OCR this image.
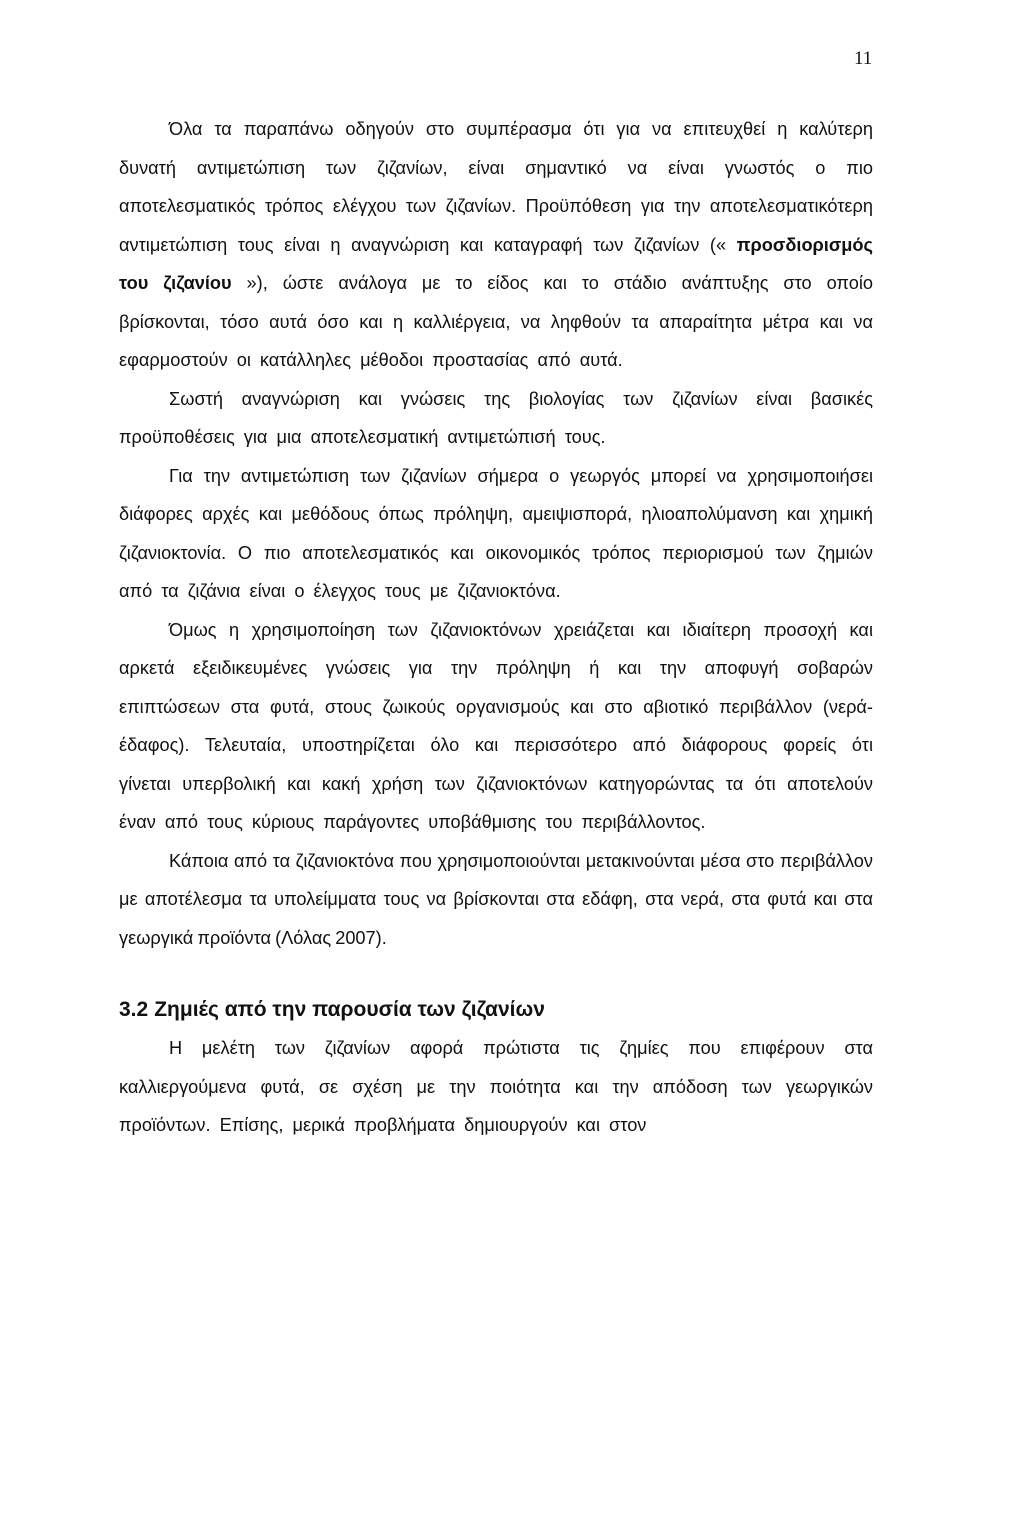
11

Όλα τα παραπάνω οδηγούν στο συμπέρασμα ότι για να επιτευχθεί η καλύτερη δυνατή αντιμετώπιση των ζιζανίων, είναι σημαντικό να είναι γνωστός ο πιο αποτελεσματικός τρόπος ελέγχου των ζιζανίων. Προϋπόθεση για την αποτελεσματικότερη αντιμετώπιση τους είναι η αναγνώριση και καταγραφή των ζιζανίων (« προσδιορισμός του ζιζανίου »), ώστε ανάλογα με το είδος και το στάδιο ανάπτυξης στο οποίο βρίσκονται, τόσο αυτά όσο και η καλλιέργεια, να ληφθούν τα απαραίτητα μέτρα και να εφαρμοστούν οι κατάλληλες μέθοδοι προστασίας από αυτά.

Σωστή αναγνώριση και γνώσεις της βιολογίας των ζιζανίων είναι βασικές προϋποθέσεις για μια αποτελεσματική αντιμετώπισή τους.

Για την αντιμετώπιση των ζιζανίων σήμερα ο γεωργός μπορεί να χρησιμοποιήσει διάφορες αρχές και μεθόδους όπως πρόληψη, αμειψισπορά, ηλιοαπολύμανση και χημική ζιζανιοκτονία. Ο πιο αποτελεσματικός και οικονομικός τρόπος περιορισμού των ζημιών από τα ζιζάνια είναι ο έλεγχος τους με ζιζανιοκτόνα.

Όμως η χρησιμοποίηση των ζιζανιοκτόνων χρειάζεται και ιδιαίτερη προσοχή και αρκετά εξειδικευμένες γνώσεις για την πρόληψη ή και την αποφυγή σοβαρών επιπτώσεων στα φυτά, στους ζωικούς οργανισμούς και στο αβιοτικό περιβάλλον (νερά-έδαφος). Τελευταία, υποστηρίζεται όλο και περισσότερο από διάφορους φορείς ότι γίνεται υπερβολική και κακή χρήση των ζιζανιοκτόνων κατηγορώντας τα ότι αποτελούν έναν από τους κύριους παράγοντες υποβάθμισης του περιβάλλοντος.

Κάποια από τα ζιζανιοκτόνα που χρησιμοποιούνται μετακινούνται μέσα στο περιβάλλον με αποτέλεσμα τα υπολείμματα τους να βρίσκονται στα εδάφη, στα νερά, στα φυτά και στα γεωργικά προϊόντα (Λόλας 2007).

3.2 Ζημιές από την παρουσία των ζιζανίων

Η μελέτη των ζιζανίων αφορά πρώτιστα τις ζημίες που επιφέρουν στα καλλιεργούμενα φυτά, σε σχέση με την ποιότητα και την απόδοση των γεωργικών προϊόντων. Επίσης, μερικά προβλήματα δημιουργούν και στον
